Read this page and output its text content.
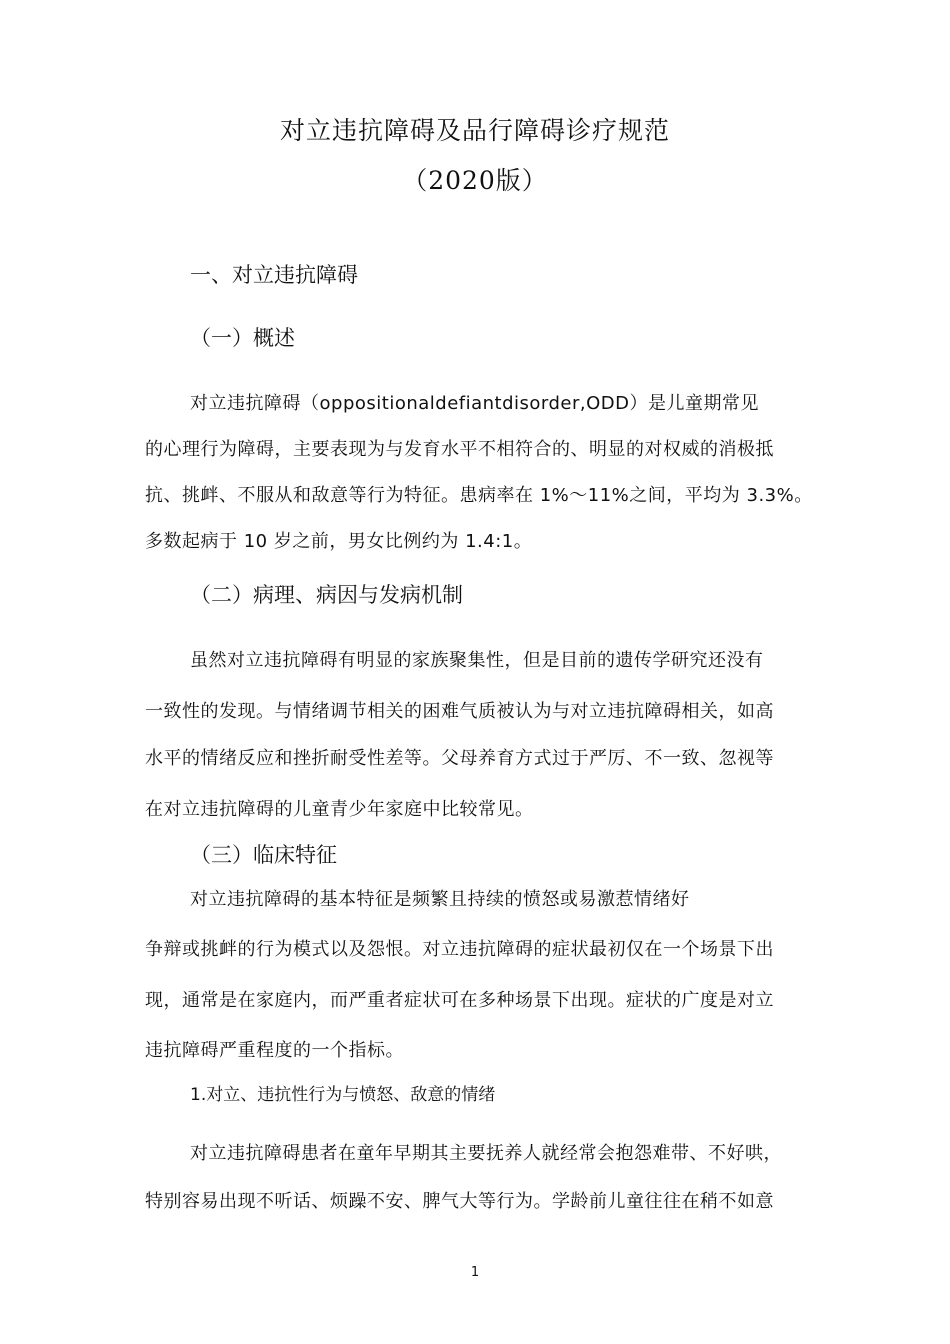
对立违抗障碍及品行障碍诊疗规范
（2020版）
一、对立违抗障碍
（一）概述
对立违抗障碍（oppositionaldefiantdisorder,ODD）是儿童期常见
的心理行为障碍，主要表现为与发育水平不相符合的、明显的对权威的消极抵
抗、挑衅、不服从和敌意等行为特征。患病率在 1%～11%之间，平均为 3.3%。
多数起病于 10 岁之前，男女比例约为 1.4:1。
（二）病理、病因与发病机制
虽然对立违抗障碍有明显的家族聚集性，但是目前的遗传学研究还没有
一致性的发现。与情绪调节相关的困难气质被认为与对立违抗障碍相关，如高
水平的情绪反应和挫折耐受性差等。父母养育方式过于严厉、不一致、忽视等
在对立违抗障碍的儿童青少年家庭中比较常见。
（三）临床特征
对立违抗障碍的基本特征是频繁且持续的愤怒或易激惹情绪好
争辩或挑衅的行为模式以及怨恨。对立违抗障碍的症状最初仅在一个场景下出
现，通常是在家庭内，而严重者症状可在多种场景下出现。症状的广度是对立
违抗障碍严重程度的一个指标。
1.对立、违抗性行为与愤怒、敌意的情绪
对立违抗障碍患者在童年早期其主要抚养人就经常会抱怨难带、不好哄，
特别容易出现不听话、烦躁不安、脾气大等行为。学龄前儿童往往在稍不如意
1
